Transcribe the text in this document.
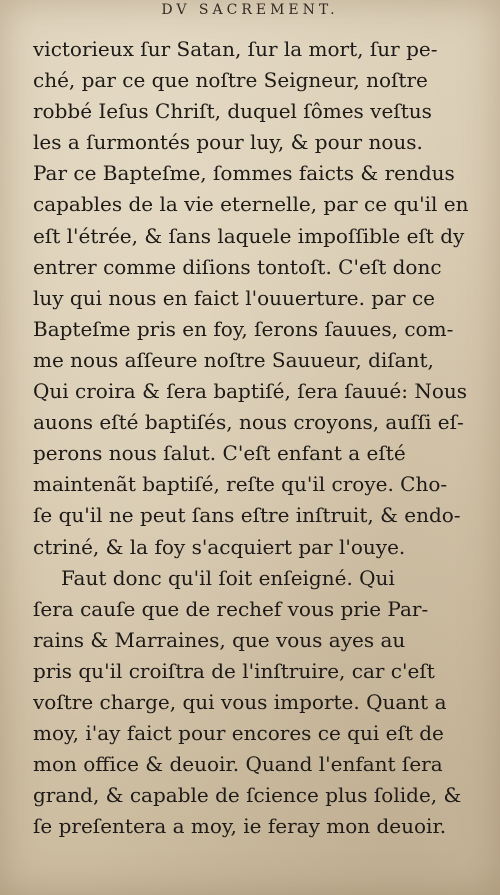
DV SACREMENT.
victorieux ſur Satan, ſur la mort, ſur pe-
ché, par ce que noſtre Seigneur, noſtre
robbé Ieſus Chriſt, duquel ſômes veſtus
les a ſurmontés pour luy, & pour nous.
Par ce Bapteſme, ſommes faicts & rendus
capables de la vie eternelle, par ce qu'il en
eſt l'étrée, & ſans laquele impoſſible eſt dy
entrer comme diſions tontoſt. C'eſt donc
luy qui nous en faict l'ouuerture. par ce
Bapteſme pris en foy, ſerons ſauues, com-
me nous aſſeure noſtre Sauueur, diſant,
Qui croira & ſera baptiſé, ſera ſauué: Nous
auons eſté baptiſés, nous croyons, auſſi eſ-
perons nous ſalut. C'eſt enfant a eſté
maintenãt baptiſé, reſte qu'il croye. Cho-
ſe qu'il ne peut ſans eſtre inſtruit, & endo-
ctriné, & la foy s'acquiert par l'ouye.
Faut donc qu'il ſoit enſeigné. Qui
ſera cauſe que de rechef vous prie Par-
rains & Marraines, que vous ayes au
pris qu'il croiſtra de l'inſtruire, car c'eſt
voſtre charge, qui vous importe. Quant a
moy, i'ay faict pour encores ce qui eſt de
mon office & deuoir. Quand l'enfant ſera
grand, & capable de ſcience plus ſolide, &
ſe preſentera a moy, ie feray mon deuoir.
